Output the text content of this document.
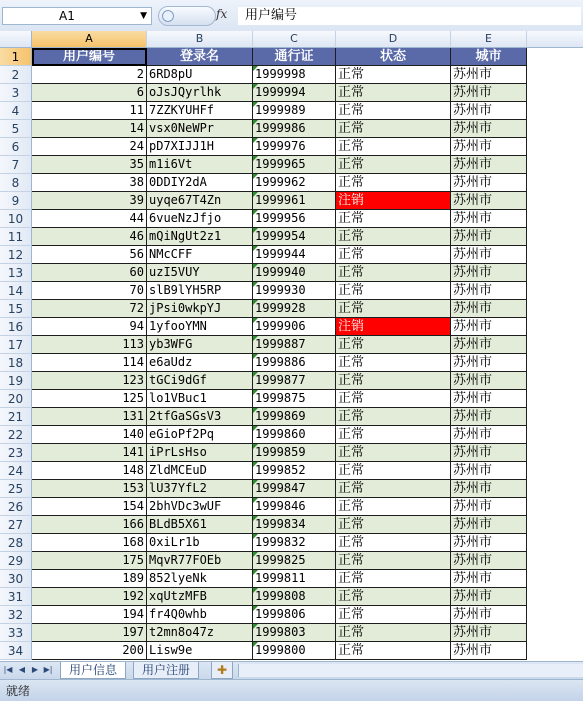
A1	▼	fx	用户编号
A	B	C	D	E
1	用户编号	登录名	通行证	状态	城市
2	2 6RD8pU	1999998	正常	苏州市
3	6 oJsJQyrlhk	1999994	正常	苏州市
4	11 7ZZKYUHFf	1999989	正常	苏州市
5	14 vsx0NeWPr	1999986	正常	苏州市
6	24 pD7XIJJ1H	1999976	正常	苏州市
7	35 m1i6Vt	1999965	正常	苏州市
8	38 0DDIY2dA	1999962	正常	苏州市
9	39 uyqe67T4Zn	1999961	注销	苏州市
10	44 6vueNzJfjo	1999956	正常	苏州市
11	46 mQiNgUt2z1	1999954	正常	苏州市
12	56 NMcCFF	1999944	正常	苏州市
13	60 uzI5VUY	1999940	正常	苏州市
14	70 slB9lYH5RP	1999930	正常	苏州市
15	72 jPsi0wkpYJ	1999928	正常	苏州市
16	94 1yfooYMN	1999906	注销	苏州市
17	113 yb3WFG	1999887	正常	苏州市
18	114 e6aUdz	1999886	正常	苏州市
19	123 tGCi9dGf	1999877	正常	苏州市
20	125 lo1VBuc1	1999875	正常	苏州市
21	131 2tfGaSGsV3	1999869	正常	苏州市
22	140 eGioPf2Pq	1999860	正常	苏州市
23	141 iPrLsHso	1999859	正常	苏州市
24	148 ZldMCEuD	1999852	正常	苏州市
25	153 lU37YfL2	1999847	正常	苏州市
26	154 2bhVDc3wUF	1999846	正常	苏州市
27	166 BLdB5X61	1999834	正常	苏州市
28	168 0xiLr1b	1999832	正常	苏州市
29	175 MqvR77FOEb	1999825	正常	苏州市
30	189 852lyeNk	1999811	正常	苏州市
31	192 xqUtzMFB	1999808	正常	苏州市
32	194 fr4Q0whb	1999806	正常	苏州市
33	197 t2mn8o47z	1999803	正常	苏州市
34	200 Lisw9e	1999800	正常	苏州市
|◀ ◀ ▶ ▶|	用户信息	用户注册	✚
就绪
